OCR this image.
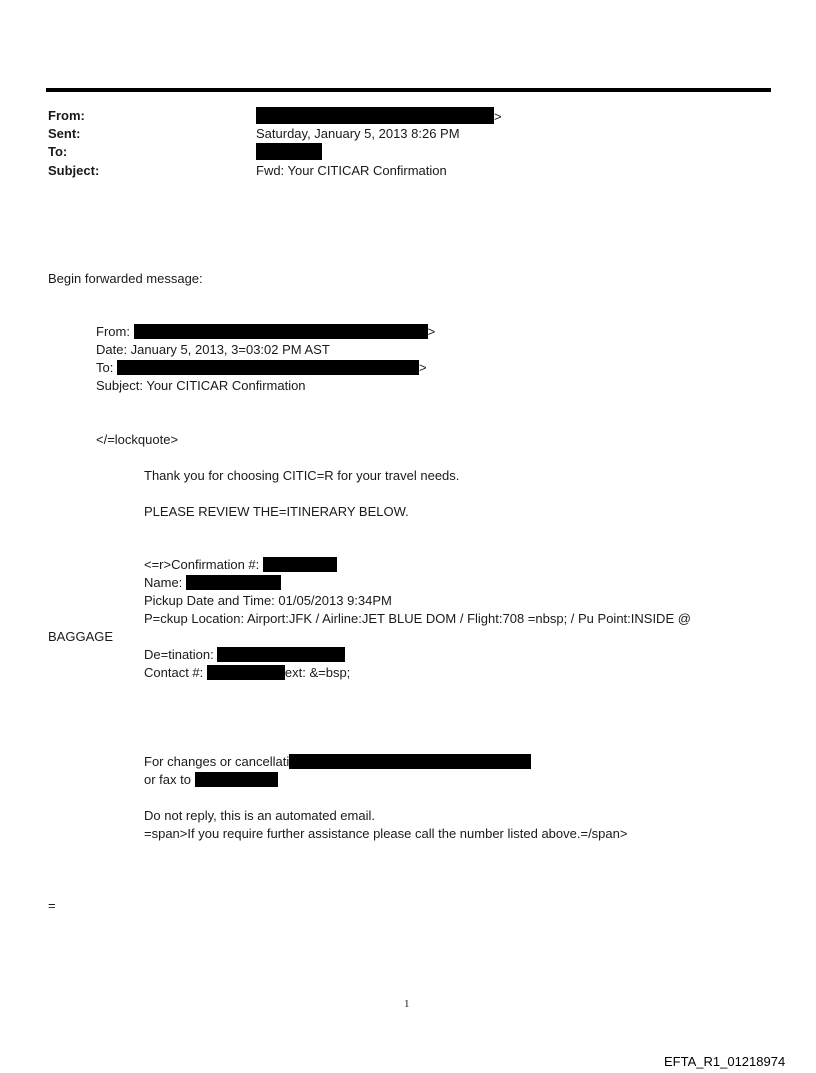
From:	>
Sent:	Saturday, January 5, 2013 8:26 PM
To:
Subject:	Fwd: Your CITICAR Confirmation
Begin forwarded message:
From:	>
Date: January 5, 2013, 3=03:02 PM AST
To:	>
Subject: Your CITICAR Confirmation
</=lockquote>
Thank you for choosing CITIC=R for your travel needs.
PLEASE REVIEW THE=ITINERARY BELOW.
<=r>Confirmation #:
Name:
Pickup Date and Time: 01/05/2013 9:34PM
P=ckup Location: Airport:JFK / Airline:JET BLUE DOM / Flight:708 =nbsp; / Pu Point:INSIDE @
BAGGAGE
De=tination:
Contact #:	ext: &=bsp;
For changes or cancellati
or fax to
Do not reply, this is an automated email.
=span>If you require further assistance please call the number listed above.=/span>
=
1
EFTA_R1_01218974
